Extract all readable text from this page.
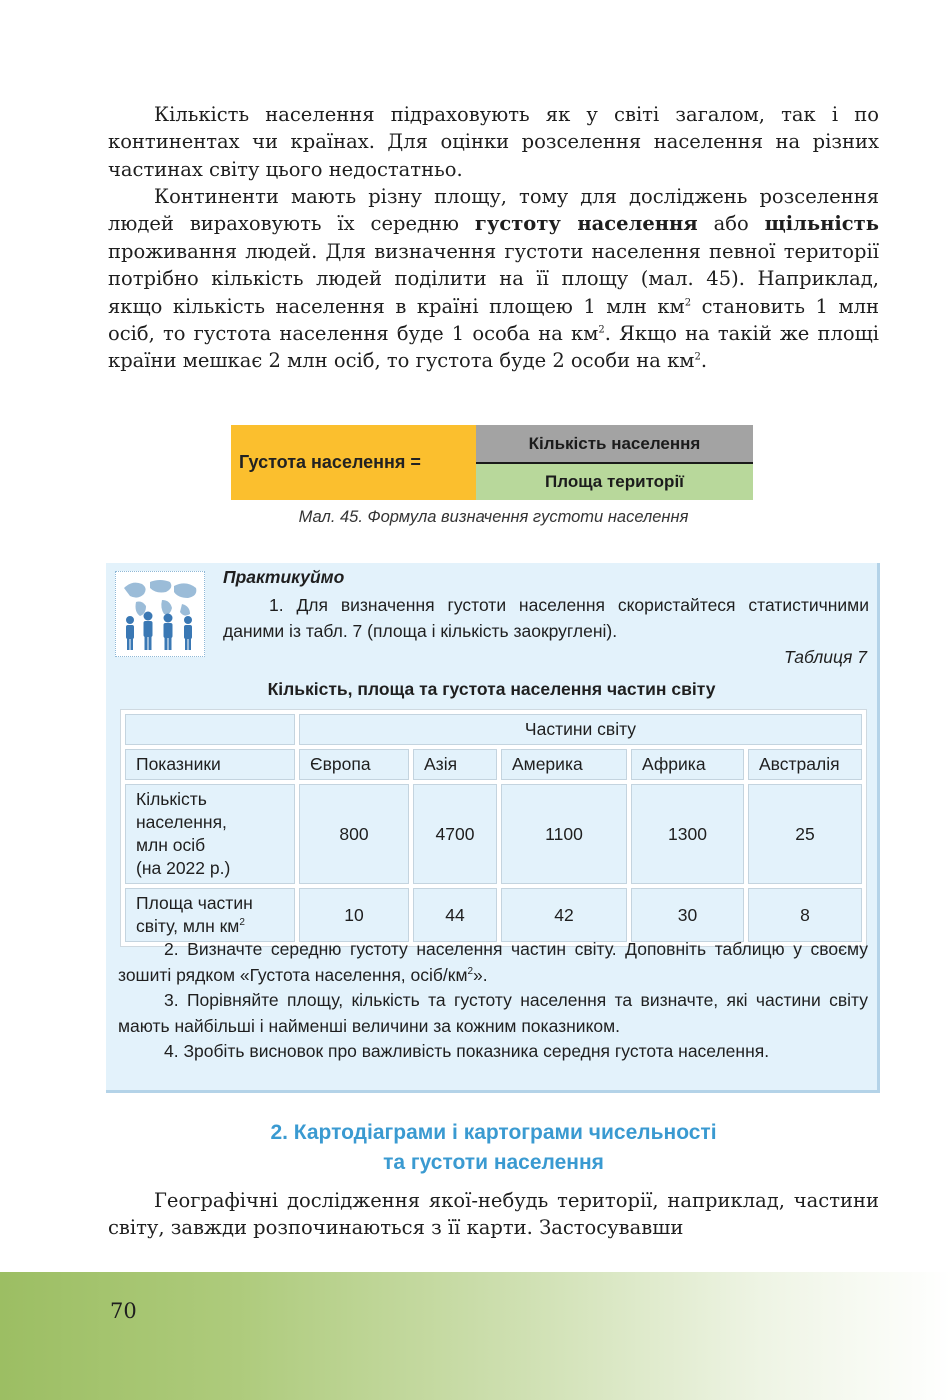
Кількість населення підраховують як у світі загалом, так і по континентах чи країнах. Для оцінки розселення населення на різних частинах світу цього недостатньо.

Континенти мають різну площу, тому для досліджень розселення людей вираховують їх середню густоту населення або щільність проживання людей. Для визначення густоти населення певної території потрібно кількість людей поділити на її площу (мал. 45). Наприклад, якщо кількість населення в країні площею 1 млн $км^2$ становить 1 млн осіб, то густота населення буде 1 особа на $км^2$. Якщо на такій же площі країни мешкає 2 млн осіб, то густота буде 2 особи на $км^2$.

Густота населення =
Кількість населення
Площа території
Мал. 45. Формула визначення густоти населення
Практикуймо

1. Для визначення густоти населення скористайтеся статистичними даними із табл. 7 (площа і кількість заокруглені).

Таблиця 7
Кількість, площа та густота населення частин світу
	Частини світу				
Показники	Європа	Азія	Америка	Африка	Австралія

Кількість
населення,
млн осіб
(на 2022 р.)	800	4700	1100	1300	25

Площа частин
світу, млн $км^2$	10	44	42	30	8

2. Визначте середню густоту населення частин світу. Доповніть таблицю у своєму зошиті рядком «Густота населення, осіб/$км^2$».

3. Порівняйте площу, кількість та густоту населення та визначте, які частини світу мають найбільші і найменші величини за кожним показником.

4. Зробіть висновок про важливість показника середня густота населення.

2. Картодіаграми і картограми чисельності
та густоти населення

Географічні дослідження якої-небудь території, наприклад, частини світу, завжди розпочинаються з її карти. Застосувавши

70
